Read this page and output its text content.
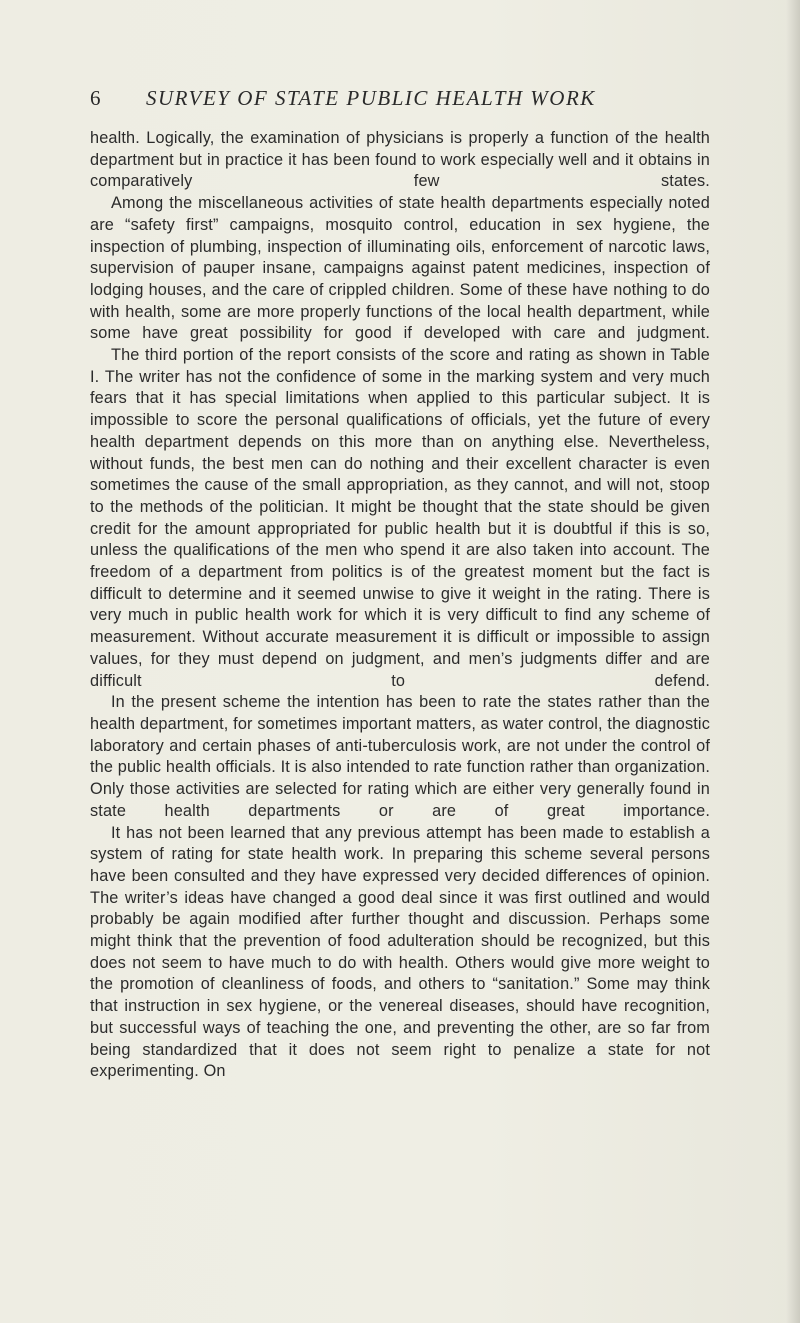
6 SURVEY OF STATE PUBLIC HEALTH WORK

health. Logically, the examination of physicians is properly a function of the health department but in practice it has been found to work especially well and it obtains in comparatively few states.

Among the miscellaneous activities of state health departments especially noted are “safety first” campaigns, mosquito control, education in sex hygiene, the inspection of plumbing, inspection of illuminating oils, enforcement of narcotic laws, supervision of pauper insane, campaigns against patent medicines, inspection of lodging houses, and the care of crippled children. Some of these have nothing to do with health, some are more properly functions of the local health department, while some have great possibility for good if developed with care and judgment.

The third portion of the report consists of the score and rating as shown in Table I. The writer has not the confidence of some in the marking system and very much fears that it has special limitations when applied to this particular subject. It is impossible to score the personal qualifications of officials, yet the future of every health department depends on this more than on anything else. Nevertheless, without funds, the best men can do nothing and their excellent character is even sometimes the cause of the small appropriation, as they cannot, and will not, stoop to the methods of the politician. It might be thought that the state should be given credit for the amount appropriated for public health but it is doubtful if this is so, unless the qualifications of the men who spend it are also taken into account. The freedom of a department from politics is of the greatest moment but the fact is difficult to determine and it seemed unwise to give it weight in the rating. There is very much in public health work for which it is very difficult to find any scheme of measurement. Without accurate measurement it is difficult or impossible to assign values, for they must depend on judgment, and men’s judgments differ and are difficult to defend.

In the present scheme the intention has been to rate the states rather than the health department, for sometimes important matters, as water control, the diagnostic laboratory and certain phases of anti-tuberculosis work, are not under the control of the public health officials. It is also intended to rate function rather than organization. Only those activities are selected for rating which are either very generally found in state health departments or are of great importance.

It has not been learned that any previous attempt has been made to establish a system of rating for state health work. In preparing this scheme several persons have been consulted and they have expressed very decided differences of opinion. The writer’s ideas have changed a good deal since it was first outlined and would probably be again modified after further thought and discussion. Perhaps some might think that the prevention of food adulteration should be recognized, but this does not seem to have much to do with health. Others would give more weight to the promotion of cleanliness of foods, and others to “sanitation.” Some may think that instruction in sex hygiene, or the venereal diseases, should have recognition, but successful ways of teaching the one, and preventing the other, are so far from being standardized that it does not seem right to penalize a state for not experimenting. On
